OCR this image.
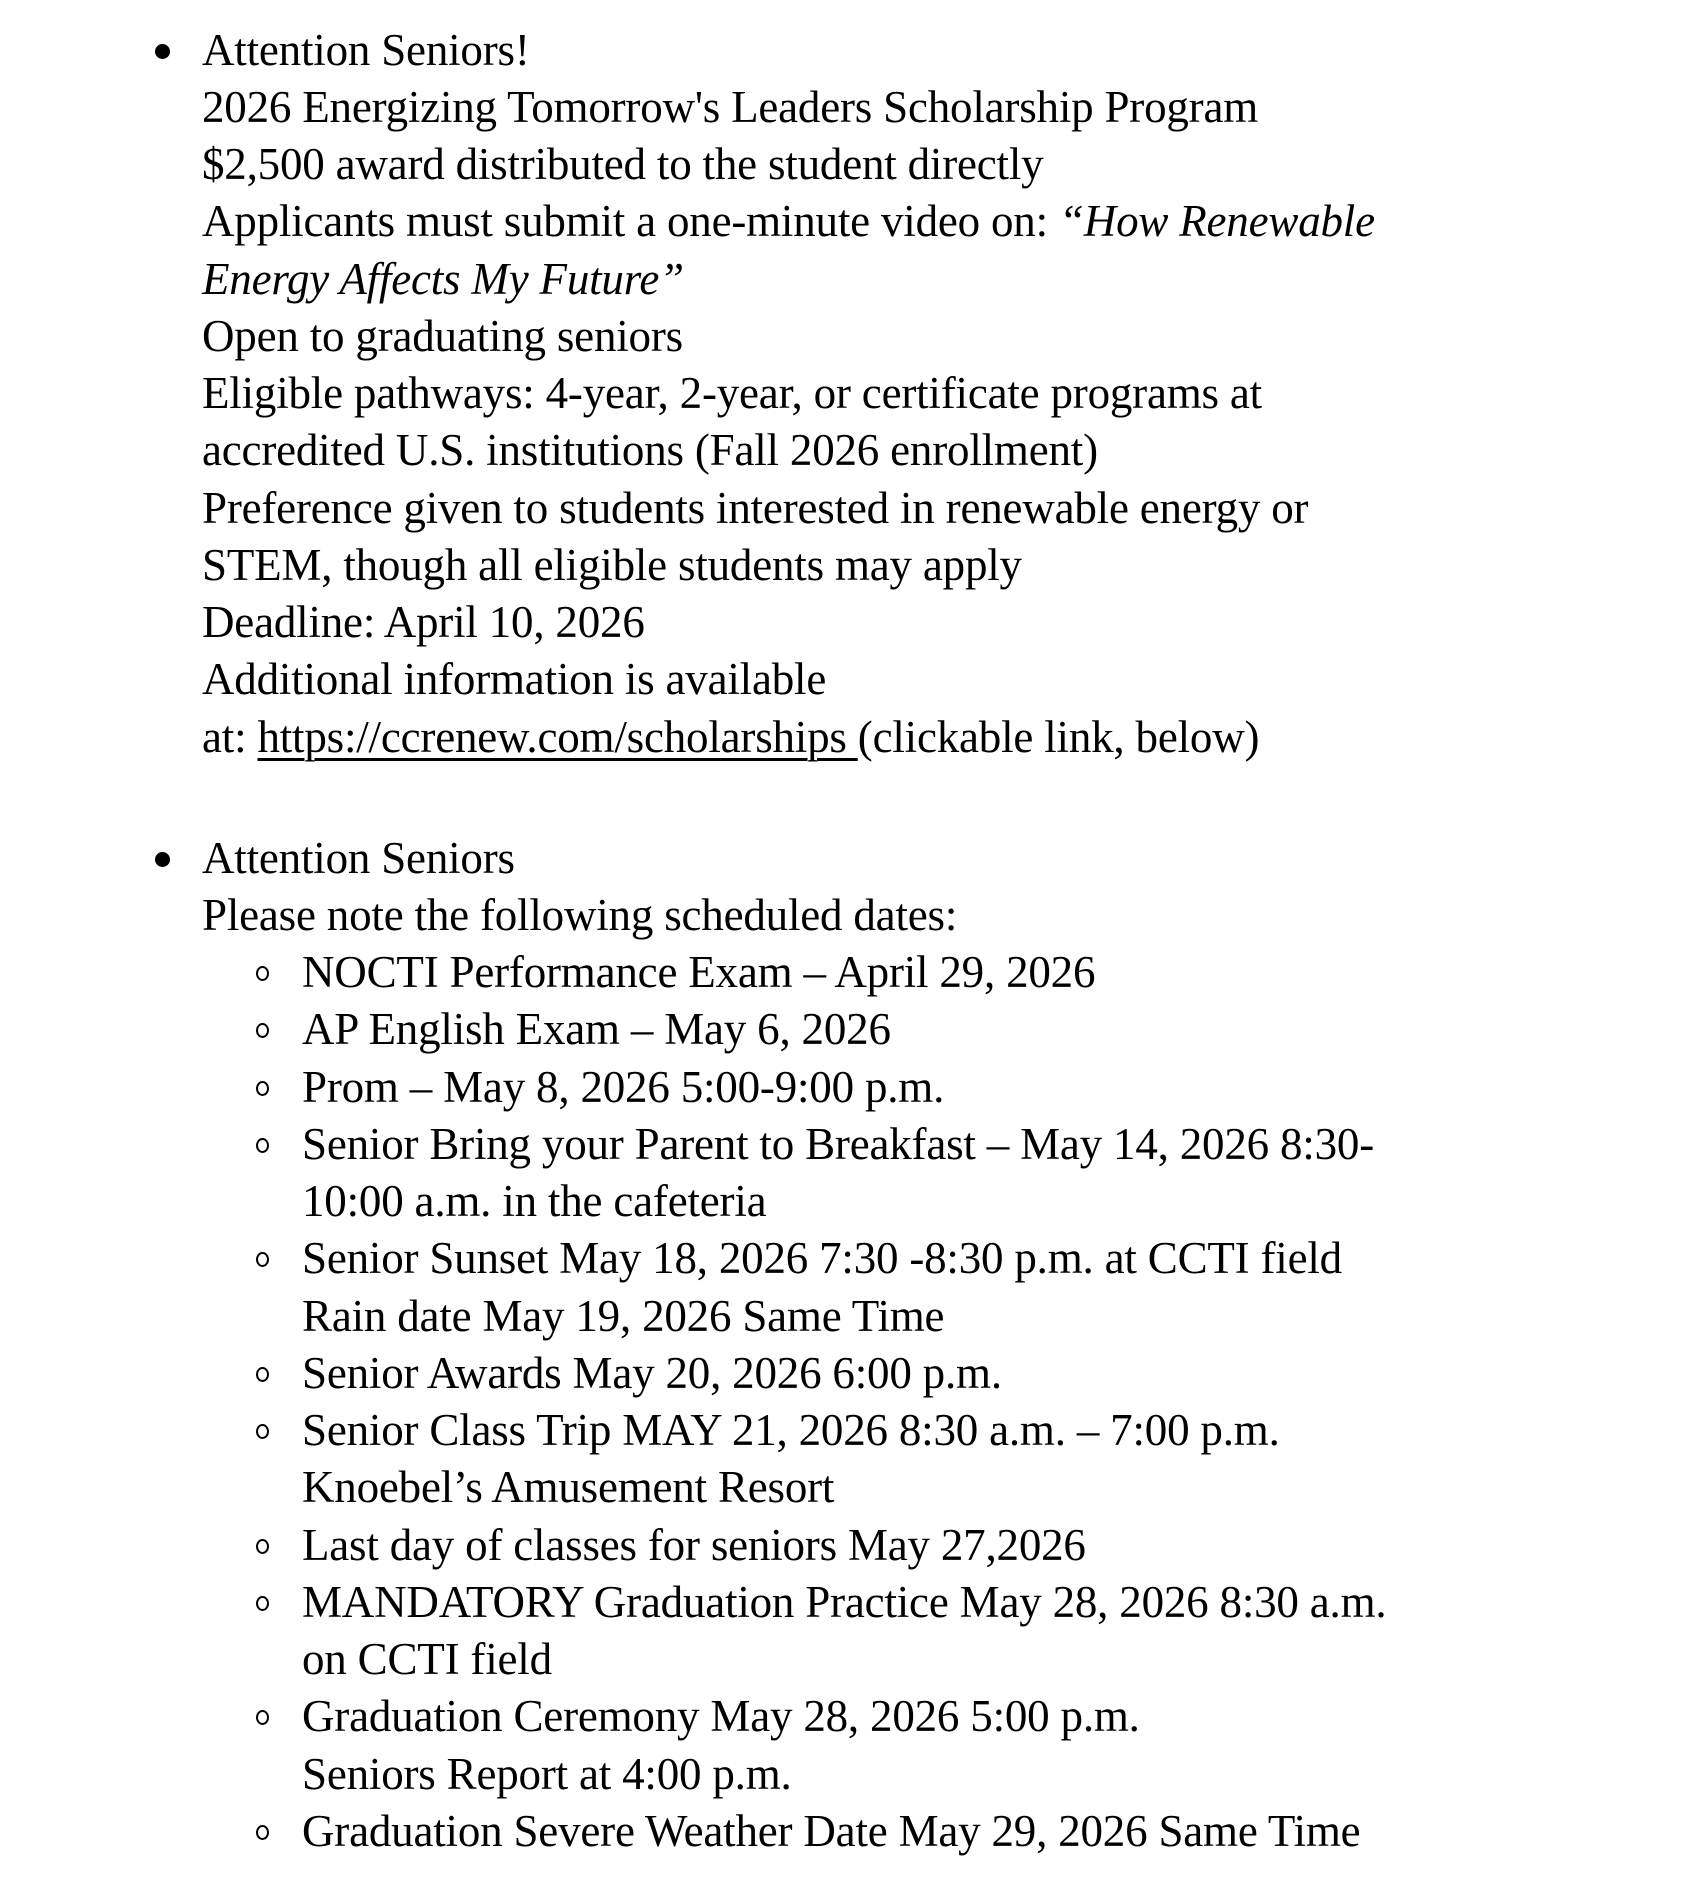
Attention Seniors!
2026 Energizing Tomorrow's Leaders Scholarship Program
$2,500 award distributed to the student directly
Applicants must submit a one-minute video on: “How Renewable
Energy Affects My Future”
Open to graduating seniors
Eligible pathways: 4-year, 2-year, or certificate programs at
accredited U.S. institutions (Fall 2026 enrollment)
Preference given to students interested in renewable energy or
STEM, though all eligible students may apply
Deadline: April 10, 2026
Additional information is available
at: https://ccrenew.com/scholarships (clickable link, below)
Attention Seniors
Please note the following scheduled dates:
NOCTI Performance Exam – April 29, 2026
AP English Exam – May 6, 2026
Prom – May 8, 2026 5:00-9:00 p.m.
Senior Bring your Parent to Breakfast – May 14, 2026 8:30-
10:00 a.m. in the cafeteria
Senior Sunset May 18, 2026 7:30 -8:30 p.m. at CCTI field
Rain date May 19, 2026 Same Time
Senior Awards May 20, 2026 6:00 p.m.
Senior Class Trip MAY 21, 2026 8:30 a.m. – 7:00 p.m.
Knoebel’s Amusement Resort
Last day of classes for seniors May 27,2026
MANDATORY Graduation Practice May 28, 2026 8:30 a.m.
on CCTI field
Graduation Ceremony May 28, 2026 5:00 p.m.
Seniors Report at 4:00 p.m.
Graduation Severe Weather Date May 29, 2026 Same Time
